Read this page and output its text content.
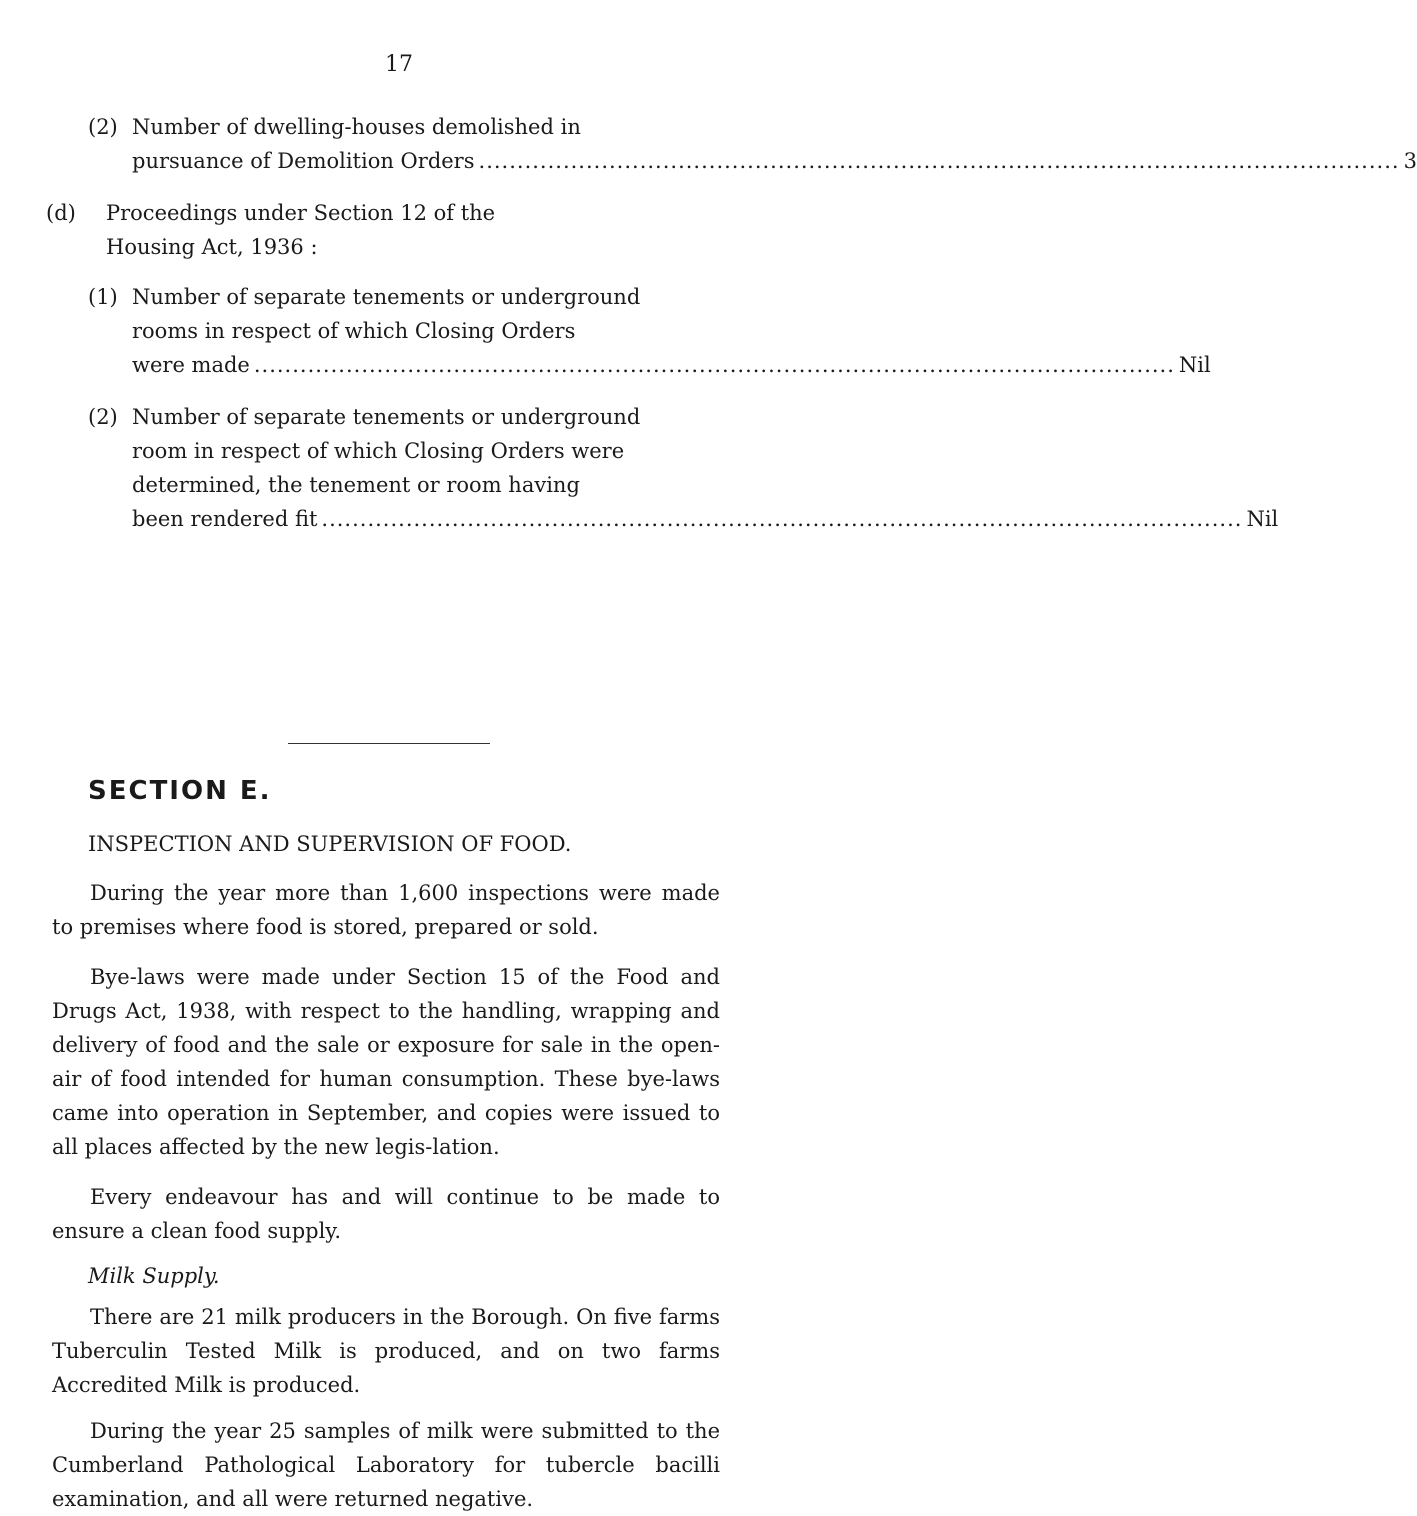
17
(2) Number of dwelling-houses demolished in
pursuance of Demolition Orders ........................................................................................................................ 3
(d) Proceedings under Section 12 of the
Housing Act, 1936 :
(1) Number of separate tenements or underground
rooms in respect of which Closing Orders
were made ........................................................................................................................ Nil
(2) Number of separate tenements or underground
room in respect of which Closing Orders were
determined, the tenement or room having
been rendered fit ........................................................................................................................ Nil
SECTION E.
INSPECTION AND SUPERVISION OF FOOD.

During the year more than 1,600 inspections were made to premises where food is stored, prepared or sold.

Bye-laws were made under Section 15 of the Food and Drugs Act, 1938, with respect to the handling, wrapping and delivery of food and the sale or exposure for sale in the open-air of food intended for human consumption. These bye-laws came into operation in September, and copies were issued to all places affected by the new legis-lation.

Every endeavour has and will continue to be made to ensure a clean food supply.

Milk Supply.

There are 21 milk producers in the Borough. On five farms Tuberculin Tested Milk is produced, and on two farms Accredited Milk is produced.

During the year 25 samples of milk were submitted to the Cumberland Pathological Laboratory for tubercle bacilli examination, and all were returned negative.
